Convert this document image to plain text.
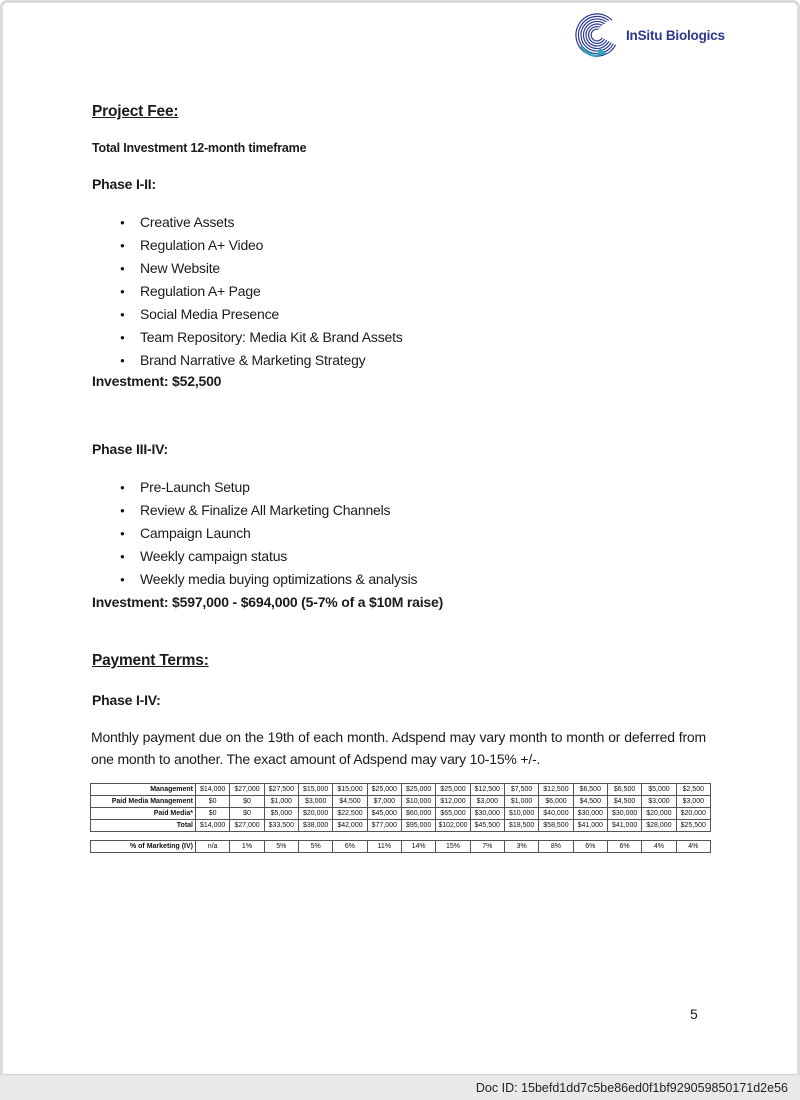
InSitu Biologics
Project Fee:
Total Investment 12-month timeframe
Phase I-II:
● Creative Assets
● Regulation A+ Video
● New Website
● Regulation A+ Page
● Social Media Presence
● Team Repository: Media Kit & Brand Assets
● Brand Narrative & Marketing Strategy
Investment: $52,500
Phase III-IV:
● Pre-Launch Setup
● Review & Finalize All Marketing Channels
● Campaign Launch
● Weekly campaign status
● Weekly media buying optimizations & analysis
Investment: $597,000 - $694,000 (5-7% of a $10M raise)
Payment Terms:
Phase I-IV:
Monthly payment due on the 19th of each month. Adspend may vary month to month or deferred from one month to another. The exact amount of Adspend may vary 10-15% +/-.
Management	$14,000	$27,000	$27,500	$15,000	$15,000	$25,000	$25,000	$25,000	$12,500	$7,500	$12,500	$6,500	$6,500	$5,000	$2,500
Paid Media Management	$0	$0	$1,000	$3,000	$4,500	$7,000	$10,000	$12,000	$3,000	$1,000	$6,000	$4,500	$4,500	$3,000	$3,000
Paid Media*	$0	$0	$5,000	$20,000	$22,500	$45,000	$60,000	$65,000	$30,000	$10,000	$40,000	$30,000	$30,000	$20,000	$20,000
Total	$14,000	$27,000	$33,500	$38,000	$42,000	$77,000	$95,000	$102,000	$45,500	$18,500	$58,500	$41,000	$41,000	$28,000	$25,500
% of Marketing (IV)	n/a	1%	5%	5%	6%	11%	14%	15%	7%	3%	8%	6%	6%	4%	4%
5
Doc ID: 15befd1dd7c5be86ed0f1bf929059850171d2e56
